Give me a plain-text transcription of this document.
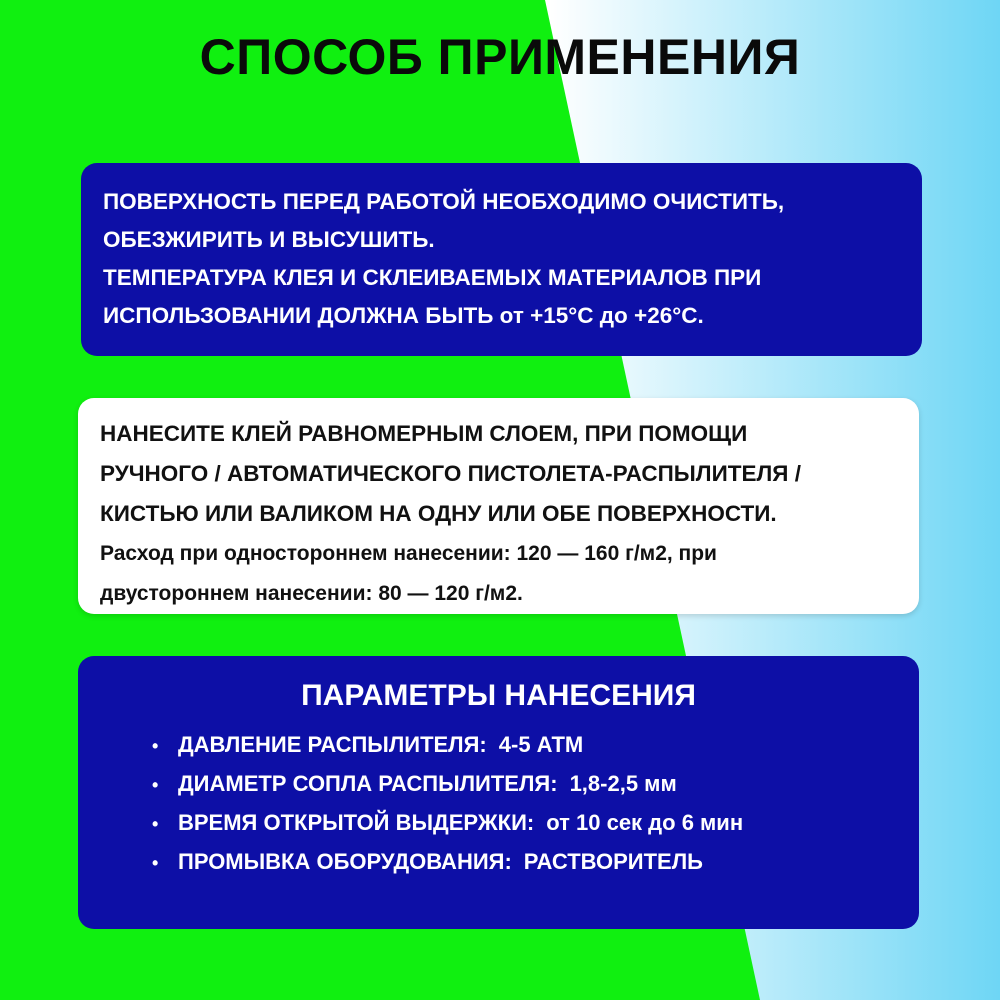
СПОСОБ ПРИМЕНЕНИЯ
ПОВЕРХНОСТЬ ПЕРЕД РАБОТОЙ НЕОБХОДИМО ОЧИСТИТЬ,
ОБЕЗЖИРИТЬ И ВЫСУШИТЬ.
ТЕМПЕРАТУРА КЛЕЯ И СКЛЕИВАЕМЫХ МАТЕРИАЛОВ ПРИ
ИСПОЛЬЗОВАНИИ ДОЛЖНА БЫТЬ от +15°С до +26°С.
НАНЕСИТЕ КЛЕЙ РАВНОМЕРНЫМ СЛОЕМ, ПРИ ПОМОЩИ
РУЧНОГО / АВТОМАТИЧЕСКОГО ПИСТОЛЕТА-РАСПЫЛИТЕЛЯ /
КИСТЬЮ ИЛИ ВАЛИКОМ НА ОДНУ ИЛИ ОБЕ ПОВЕРХНОСТИ.
Расход при одностороннем нанесении: 120 — 160 г/м2, при
двустороннем нанесении: 80 — 120 г/м2.
ПАРАМЕТРЫ НАНЕСЕНИЯ
• ДАВЛЕНИЕ РАСПЫЛИТЕЛЯ: 4-5 АТМ
• ДИАМЕТР СОПЛА РАСПЫЛИТЕЛЯ: 1,8-2,5 мм
• ВРЕМЯ ОТКРЫТОЙ ВЫДЕРЖКИ: от 10 сек до 6 мин
• ПРОМЫВКА ОБОРУДОВАНИЯ: РАСТВОРИТЕЛЬ
